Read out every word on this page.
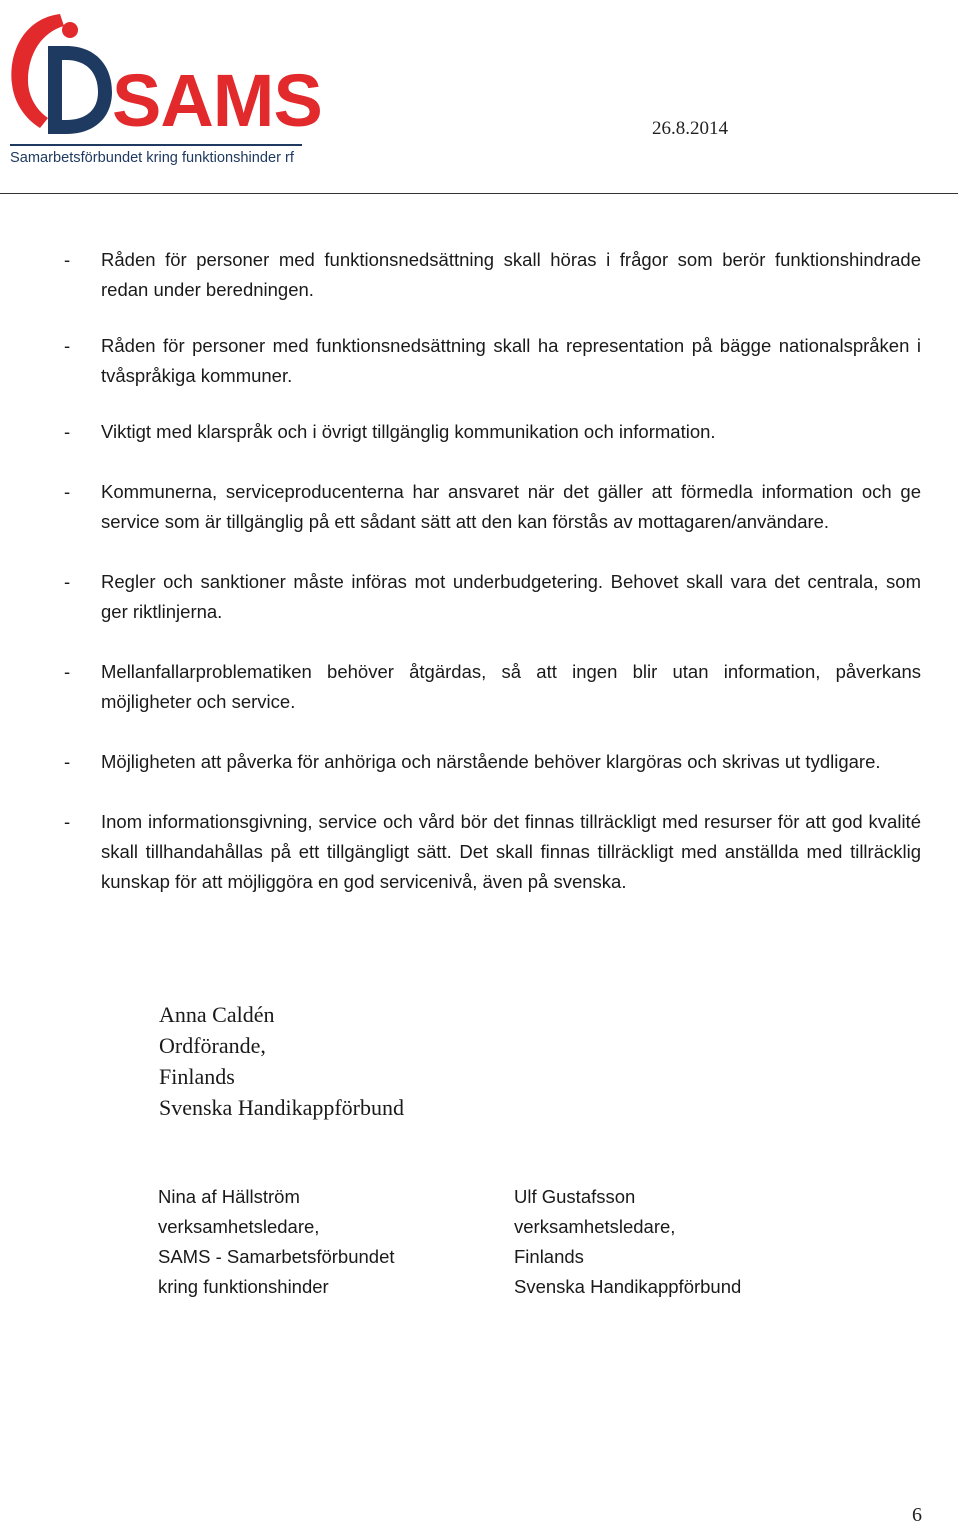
SAMS
Samarbetsförbundet kring funktionshinder rf
26.8.2014
- Råden för personer med funktionsnedsättning skall höras i frågor som berör funktionshindrade redan under beredningen.
- Råden för personer med funktionsnedsättning skall ha representation på bägge nationalspråken i tvåspråkiga kommuner.
- Viktigt med klarspråk och i övrigt tillgänglig kommunikation och information.
- Kommunerna, serviceproducenterna har ansvaret när det gäller att förmedla information och ge service som är tillgänglig på ett sådant sätt att den kan förstås av mottagaren/användare.
- Regler och sanktioner måste införas mot underbudgetering. Behovet skall vara det centrala, som ger riktlinjerna.
- Mellanfallarproblematiken behöver åtgärdas, så att ingen blir utan information, påverkans möjligheter och service.
- Möjligheten att påverka för anhöriga och närstående behöver klargöras och skrivas ut tydligare.
- Inom informationsgivning, service och vård bör det finnas tillräckligt med resurser för att god kvalité skall tillhandahållas på ett tillgängligt sätt. Det skall finnas tillräckligt med anställda med tillräcklig kunskap för att möjliggöra en god servicenivå, även på svenska.
Anna Caldén
Ordförande,
Finlands
Svenska Handikappförbund
Nina af Hällström
verksamhetsledare,
SAMS - Samarbetsförbundet
kring funktionshinder
Ulf Gustafsson
verksamhetsledare,
Finlands
Svenska Handikappförbund
6
